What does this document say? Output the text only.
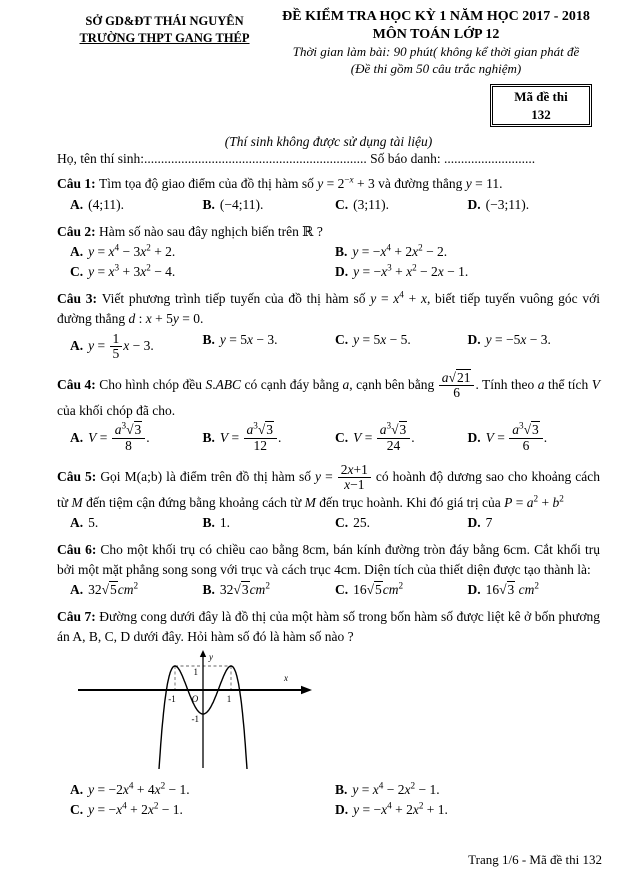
SỞ GD&ĐT THÁI NGUYÊN
TRƯỜNG THPT GANG THÉP
ĐỀ KIỂM TRA HỌC KỲ 1 NĂM HỌC 2017 - 2018
MÔN TOÁN LỚP 12
Thời gian làm bài: 90 phút( không kể thời gian phát đề
(Đề thi gồm 50 câu trắc nghiệm)
Mã đề thi
132
(Thí sinh không được sử dụng tài liệu)
Họ, tên thí sinh:.................................................................. Số báo danh: ...........................

Câu 1: Tìm tọa độ giao điểm của đồ thị hàm số $y = 2^{-x} + 3$ và đường thẳng y = 11.

A. (4;11).	B. (−4;11).	C. (3;11).	D. (−3;11).

Câu 2: Hàm số nào sau đây nghịch biến trên ℝ ?

A. $y = x^4 - 3x^2 + 2$.	B. $y = -x^4 + 2x^2 - 2$.
C. $y = x^3 + 3x^2 - 4$.	D. $y = -x^3 + x^2 - 2x - 1$.

Câu 3: Viết phương trình tiếp tuyến của đồ thị hàm số $y = x^4 + x$, biết tiếp tuyến vuông góc với đường thẳng d : x + 5y = 0.

A. $y = \frac{1}{5}$ x − 3.	B. y = 5x − 3.	C. y = 5x − 5.	D. y = −5x − 3.

Câu 4: Cho hình chóp đều S.ABC có cạnh đáy bằng a, cạnh bên bằng $\frac{a√21}{6}$ . Tính theo a thể tích V của khối chóp đã cho.

A. $V = \frac{a^3√3}{8}$ .	B. $V = \frac{a^3√3}{12}$ .	C. $V = \frac{a^3√3}{24}$ .	D. $V = \frac{a^3√3}{6}$ .

Câu 5: Gọi M(a;b) là điểm trên đồ thị hàm số $y = \frac{2x+1}{x-1}$ có hoành độ dương sao cho khoảng cách từ M đến tiệm cận đứng bằng khoảng cách từ M đến trục hoành. Khi đó giá trị của $P = a^2 + b^2$

A. 5.	B. 1.	C. 25.	D. 7

Câu 6: Cho một khối trụ có chiều cao bằng 8cm, bán kính đường tròn đáy bằng 6cm. Cắt khối trụ bởi một mặt phẳng song song với trục và cách trục 4cm. Diện tích của thiết diện được tạo thành là:

A. $32√5cm^2$	B. $32√3cm^2$	C. $16√5cm^2$	D. 16√3 $cm^2$

Câu 7: Đường cong dưới đây là đồ thị của một hàm số trong bốn hàm số được liệt kê ở bốn phương án A, B, C, D dưới đây. Hỏi hàm số đó là hàm số nào ?

y
x
1
-1
O
-1	1
A. $y = -2x^4 + 4x^2 - 1$.	B. $y = x^4 - 2x^2 - 1$.
C. $y = -x^4 + 2x^2 - 1$.	D. $y = -x^4 + 2x^2 + 1$.
Trang 1/6 - Mã đề thi 132
